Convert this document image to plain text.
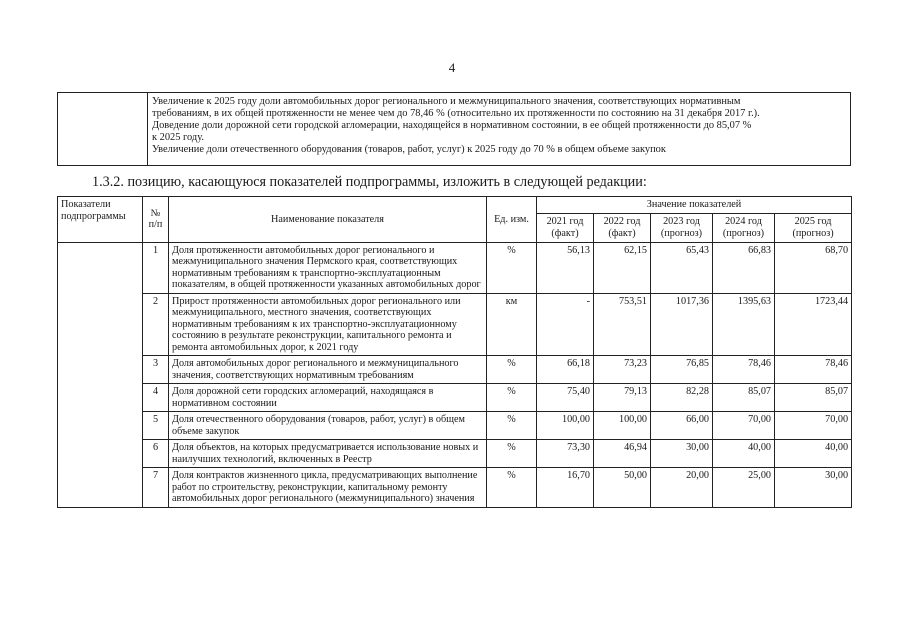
4
Увеличение к 2025 году доли автомобильных дорог регионального и межмуниципального значения, соответствующих нормативным
требованиям, в их общей протяженности не менее чем до 78,46 % (относительно их протяженности по состоянию на 31 декабря 2017 г.).
Доведение доли дорожной сети городской агломерации, находящейся в нормативном состоянии, в ее общей протяженности до 85,07 %
к 2025 году.
Увеличение доли отечественного оборудования (товаров, работ, услуг) к 2025 году до 70 % в общем объеме закупок
1.3.2. позицию, касающуюся показателей подпрограммы, изложить в следующей редакции:
Показатели подпрограммы	№ п/п	Наименование показателя	Ед. изм.	Значение показателей				
				2021 год (факт)	2022 год (факт)	2023 год (прогноз)	2024 год (прогноз)	2025 год (прогноз)
	1	Доля протяженности автомобильных дорог регионального и межмуниципального значения Пермского края, соответствующих нормативным требованиям к транспортно-эксплуатационным показателям, в общей протяженности указанных автомобильных дорог	%	56,13	62,15	65,43	66,83	68,70
	2	Прирост протяженности автомобильных дорог регионального или межмуниципального, местного значения, соответствующих нормативным требованиям к их транспортно-эксплуатационному состоянию в результате реконструкции, капитального ремонта и ремонта автомобильных дорог, к 2021 году	км	-	753,51	1017,36	1395,63	1723,44
	3	Доля автомобильных дорог регионального и межмуниципального значения, соответствующих нормативным требованиям	%	66,18	73,23	76,85	78,46	78,46
	4	Доля дорожной сети городских агломераций, находящаяся в нормативном состоянии	%	75,40	79,13	82,28	85,07	85,07
	5	Доля отечественного оборудования (товаров, работ, услуг) в общем объеме закупок	%	100,00	100,00	66,00	70,00	70,00
	6	Доля объектов, на которых предусматривается использование новых и наилучших технологий, включенных в Реестр	%	73,30	46,94	30,00	40,00	40,00
	7	Доля контрактов жизненного цикла, предусматривающих выполнение работ по строительству, реконструкции, капитальному ремонту автомобильных дорог регионального (межмуниципального) значения	%	16,70	50,00	20,00	25,00	30,00
